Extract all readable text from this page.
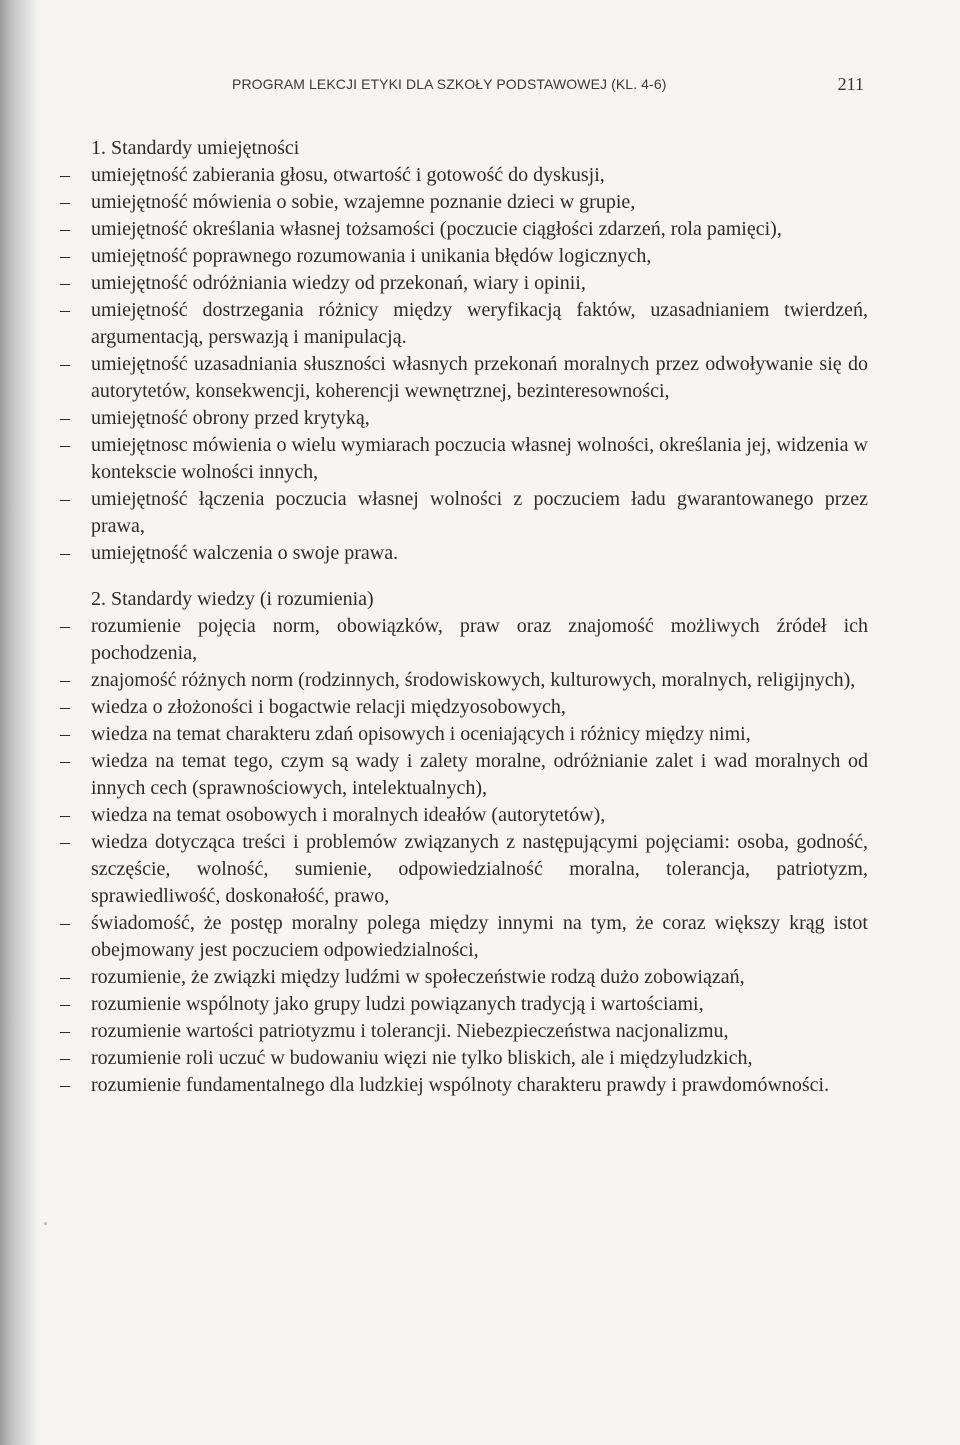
PROGRAM LEKCJI ETYKI DLA SZKOŁY PODSTAWOWEJ (KL. 4-6)	211

1. Standardy umiejętności

– umiejętność zabierania głosu, otwartość i gotowość do dyskusji,
– umiejętność mówienia o sobie, wzajemne poznanie dzieci w grupie,
– umiejętność określania własnej tożsamości (poczucie ciągłości zdarzeń, rola pamięci),
– umiejętność poprawnego rozumowania i unikania błędów logicznych,
– umiejętność odróżniania wiedzy od przekonań, wiary i opinii,
– umiejętność dostrzegania różnicy między weryfikacją faktów, uzasadnianiem twierdzeń, argumentacją, perswazją i manipulacją.
– umiejętność uzasadniania słuszności własnych przekonań moralnych przez odwoływanie się do autorytetów, konsekwencji, koherencji wewnętrznej, bezinteresowności,
– umiejętność obrony przed krytyką,
– umiejętnosc mówienia o wielu wymiarach poczucia własnej wolności, określania jej, widzenia w kontekscie wolności innych,
– umiejętność łączenia poczucia własnej wolności z poczuciem ładu gwarantowanego przez prawa,
– umiejętność walczenia o swoje prawa.

2. Standardy wiedzy (i rozumienia)

– rozumienie pojęcia norm, obowiązków, praw oraz znajomość możliwych źródeł ich pochodzenia,
– znajomość różnych norm (rodzinnych, środowiskowych, kulturowych, moralnych, religijnych),
– wiedza o złożoności i bogactwie relacji międzyosobowych,
– wiedza na temat charakteru zdań opisowych i oceniających i różnicy między nimi,
– wiedza na temat tego, czym są wady i zalety moralne, odróżnianie zalet i wad moralnych od innych cech (sprawnościowych, intelektualnych),
– wiedza na temat osobowych i moralnych ideałów (autorytetów),
– wiedza dotycząca treści i problemów związanych z następującymi pojęciami: osoba, godność, szczęście, wolność, sumienie, odpowiedzialność moralna, tolerancja, patriotyzm, sprawiedliwość, doskonałość, prawo,
– świadomość, że postęp moralny polega między innymi na tym, że coraz większy krąg istot obejmowany jest poczuciem odpowiedzialności,
– rozumienie, że związki między ludźmi w społeczeństwie rodzą dużo zobowiązań,
– rozumienie wspólnoty jako grupy ludzi powiązanych tradycją i wartościami,
– rozumienie wartości patriotyzmu i tolerancji. Niebezpieczeństwa nacjonalizmu,
– rozumienie roli uczuć w budowaniu więzi nie tylko bliskich, ale i międzyludzkich,
– rozumienie fundamentalnego dla ludzkiej wspólnoty charakteru prawdy i prawdomówności.
